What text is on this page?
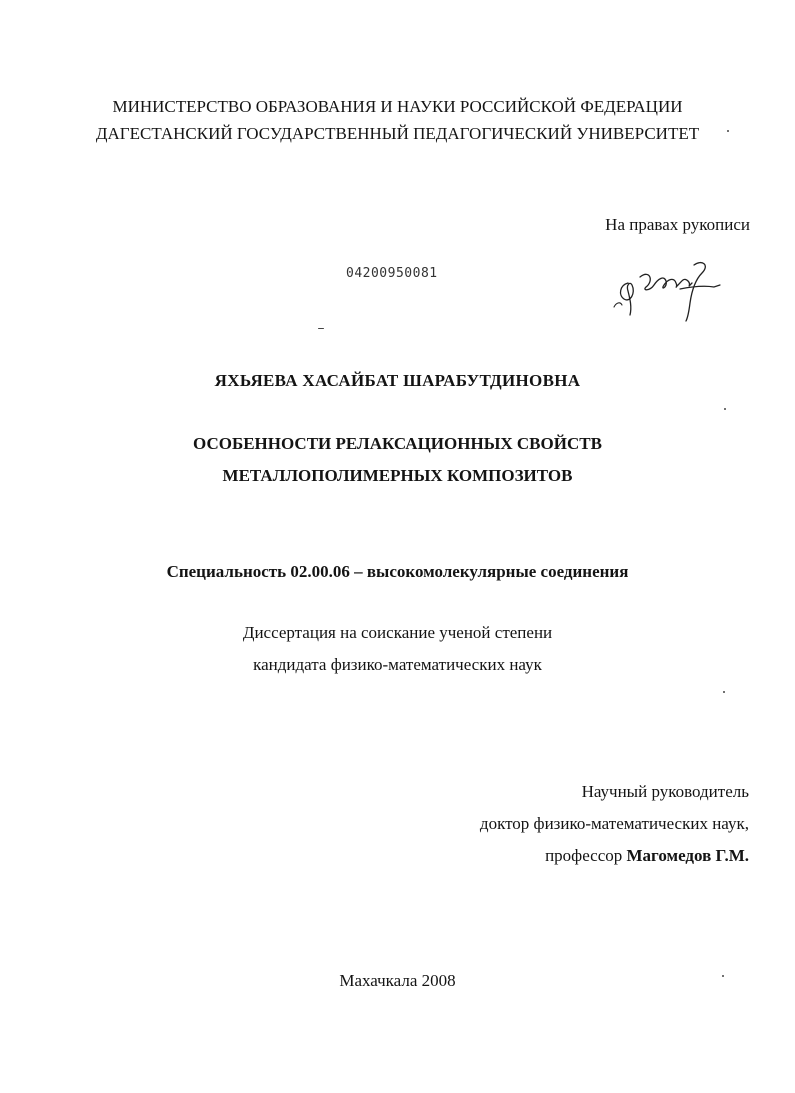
МИНИСТЕРСТВО ОБРАЗОВАНИЯ И НАУКИ РОССИЙСКОЙ ФЕДЕРАЦИИ
ДАГЕСТАНСКИЙ ГОСУДАРСТВЕННЫЙ ПЕДАГОГИЧЕСКИЙ УНИВЕРСИТЕТ
На правах рукописи
04200950081
ЯХЬЯЕВА ХАСАЙБАТ ШАРАБУТДИНОВНА
ОСОБЕННОСТИ РЕЛАКСАЦИОННЫХ СВОЙСТВ
МЕТАЛЛОПОЛИМЕРНЫХ КОМПОЗИТОВ
Специальность 02.00.06 – высокомолекулярные соединения
Диссертация на соискание ученой степени
кандидата физико-математических наук
Научный руководитель
доктор физико-математических наук,
профессор Магомедов Г.М.
Махачкала 2008
